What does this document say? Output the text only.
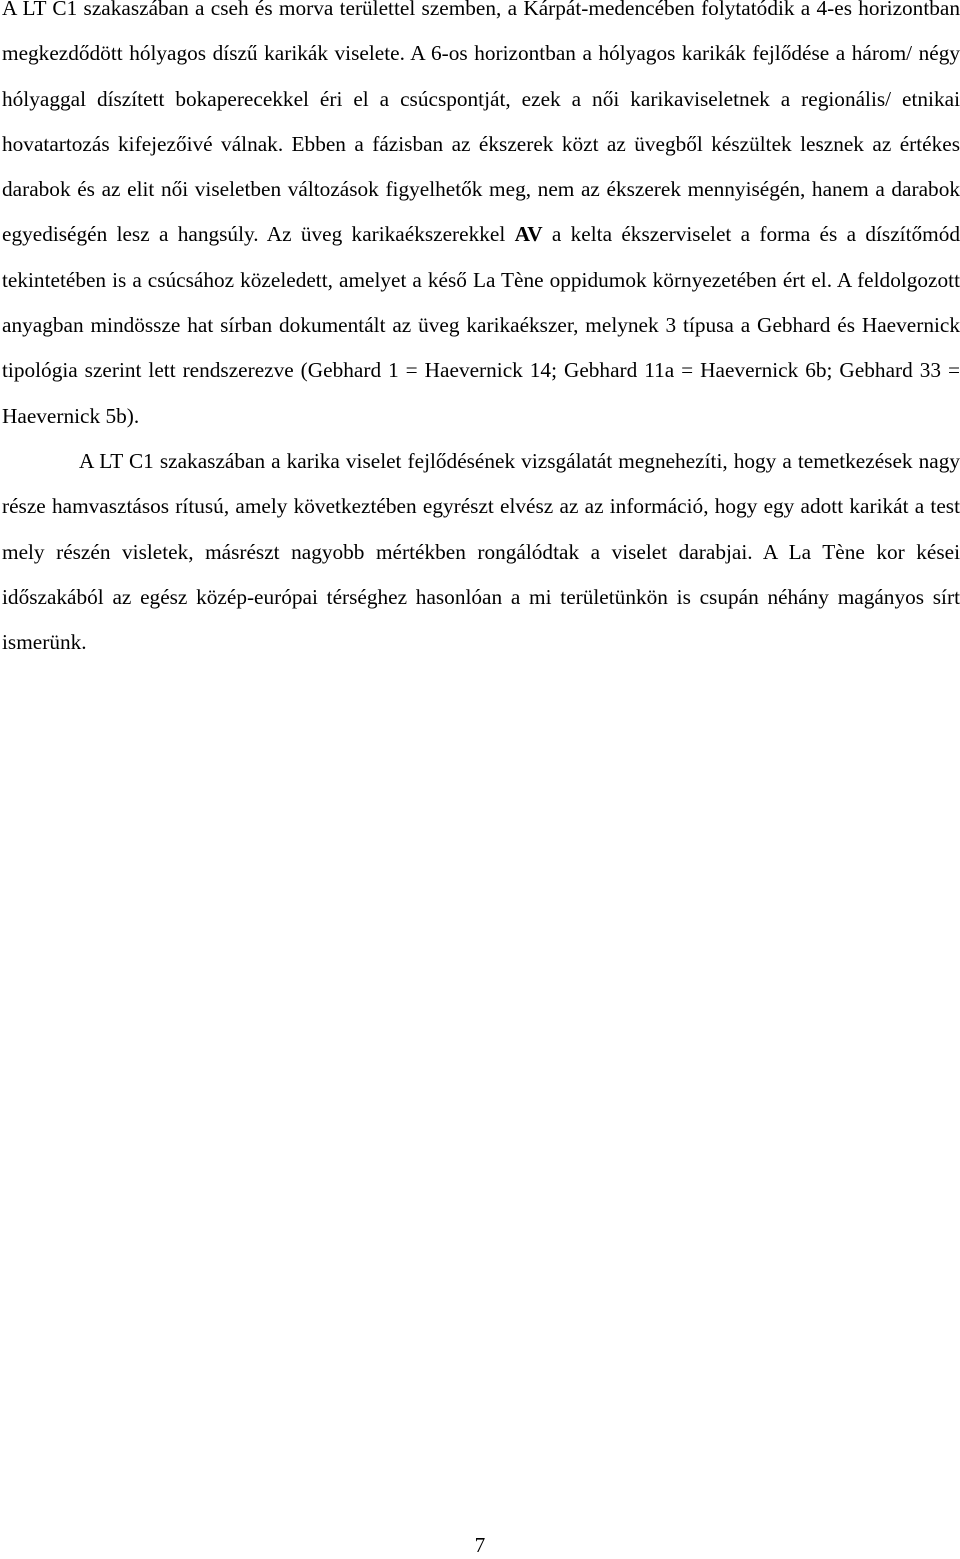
A LT C1 szakaszában a cseh és morva területtel szemben, a Kárpát-medencében folytatódik a 4-es horizontban megkezdődött hólyagos díszű karikák viselete. A 6-os horizontban a hólyagos karikák fejlődése a három/ négy hólyaggal díszített bokaperecekkel éri el a csúcspontját, ezek a női karikaviseletnek a regionális/ etnikai hovatartozás kifejezőivé válnak. Ebben a fázisban az ékszerek közt az üvegből készültek lesznek az értékes darabok és az elit női viseletben változások figyelhetők meg, nem az ékszerek mennyiségén, hanem a darabok egyediségén lesz a hangsúly. Az üveg karikaékszerekkel AV a kelta ékszerviselet a forma és a díszítőmód tekintetében is a csúcsához közeledett, amelyet a késő La Tène oppidumok környezetében ért el. A feldolgozott anyagban mindössze hat sírban dokumentált az üveg karikaékszer, melynek 3 típusa a Gebhard és Haevernick tipológia szerint lett rendszerezve (Gebhard 1 = Haevernick 14; Gebhard 11a = Haevernick 6b; Gebhard 33 = Haevernick 5b).

A LT C1 szakaszában a karika viselet fejlődésének vizsgálatát megnehezíti, hogy a temetkezések nagy része hamvasztásos rítusú, amely következtében egyrészt elvész az az információ, hogy egy adott karikát a test mely részén visletek, másrészt nagyobb mértékben rongálódtak a viselet darabjai. A La Tène kor kései időszakából az egész közép-európai térséghez hasonlóan a mi területünkön is csupán néhány magányos sírt ismerünk.

7
